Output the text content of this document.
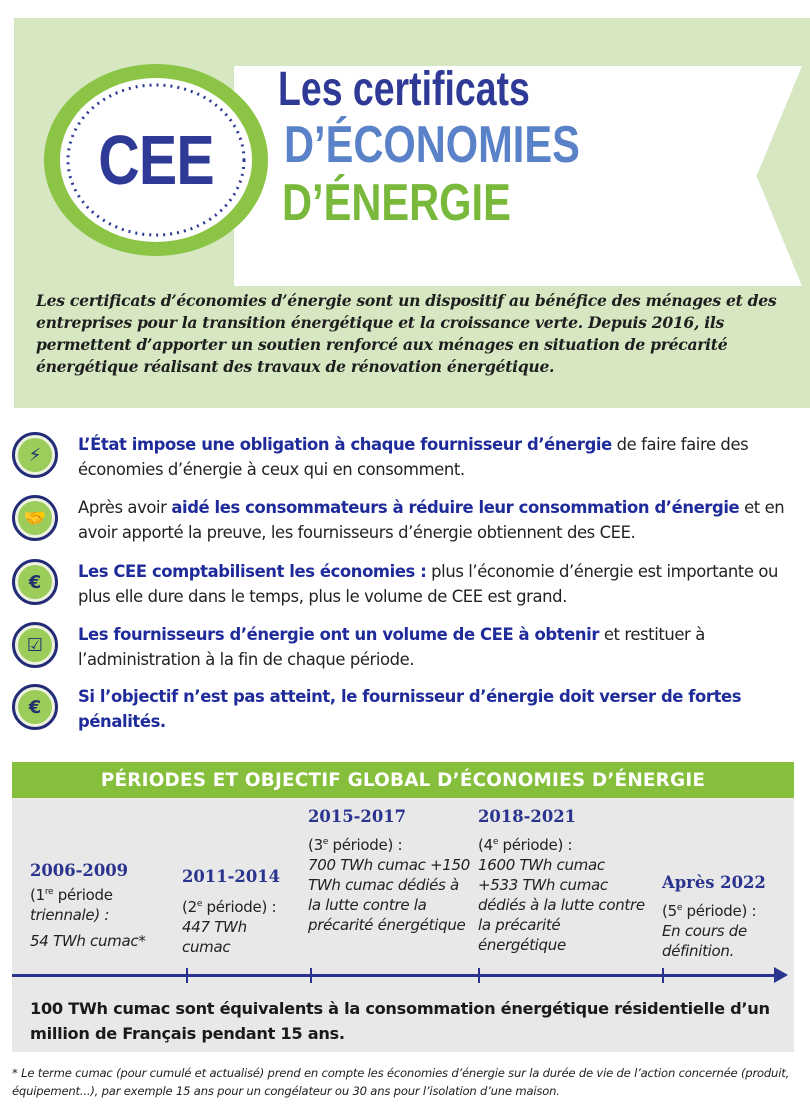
CEE
Les certificats
D’ÉCONOMIES
D’ÉNERGIE
Les certificats d’économies d’énergie sont un dispositif au bénéfice des ménages et des entreprises pour la transition énergétique et la croissance verte. Depuis 2016, ils permettent d’apporter un soutien renforcé aux ménages en situation de précarité énergétique réalisant des travaux de rénovation énergétique.
⚡	L’État impose une obligation à chaque fournisseur d’énergie de faire faire des économies d’énergie à ceux qui en consomment.
🤝	Après avoir aidé les consommateurs à réduire leur consommation d’énergie et en avoir apporté la preuve, les fournisseurs d’énergie obtiennent des CEE.
€	Les CEE comptabilisent les économies : plus l’économie d’énergie est importante ou plus elle dure dans le temps, plus le volume de CEE est grand.
☑	Les fournisseurs d’énergie ont un volume de CEE à obtenir et restituer à l’administration à la fin de chaque période.
€	Si l’objectif n’est pas atteint, le fournisseur d’énergie doit verser de fortes pénalités.
PÉRIODES ET OBJECTIF GLOBAL D’ÉCONOMIES D’ÉNERGIE
2006-2009
(1re période
triennale) :
54 TWh cumac*
2011-2014
(2e période) :
447 TWh cumac
2015-2017
(3e période) :
700 TWh cumac +150 TWh cumac dédiés à la lutte contre la précarité énergétique
2018-2021
(4e période) :
1600 TWh cumac +533 TWh cumac dédiés à la lutte contre la précarité énergétique
Après 2022
(5e période) :
En cours de définition.
100 TWh cumac sont équivalents à la consommation énergétique résidentielle d’un million de Français pendant 15 ans.
* Le terme cumac (pour cumulé et actualisé) prend en compte les économies d’énergie sur la durée de vie de l’action concernée (produit, équipement...), par exemple 15 ans pour un congélateur ou 30 ans pour l’isolation d’une maison.
